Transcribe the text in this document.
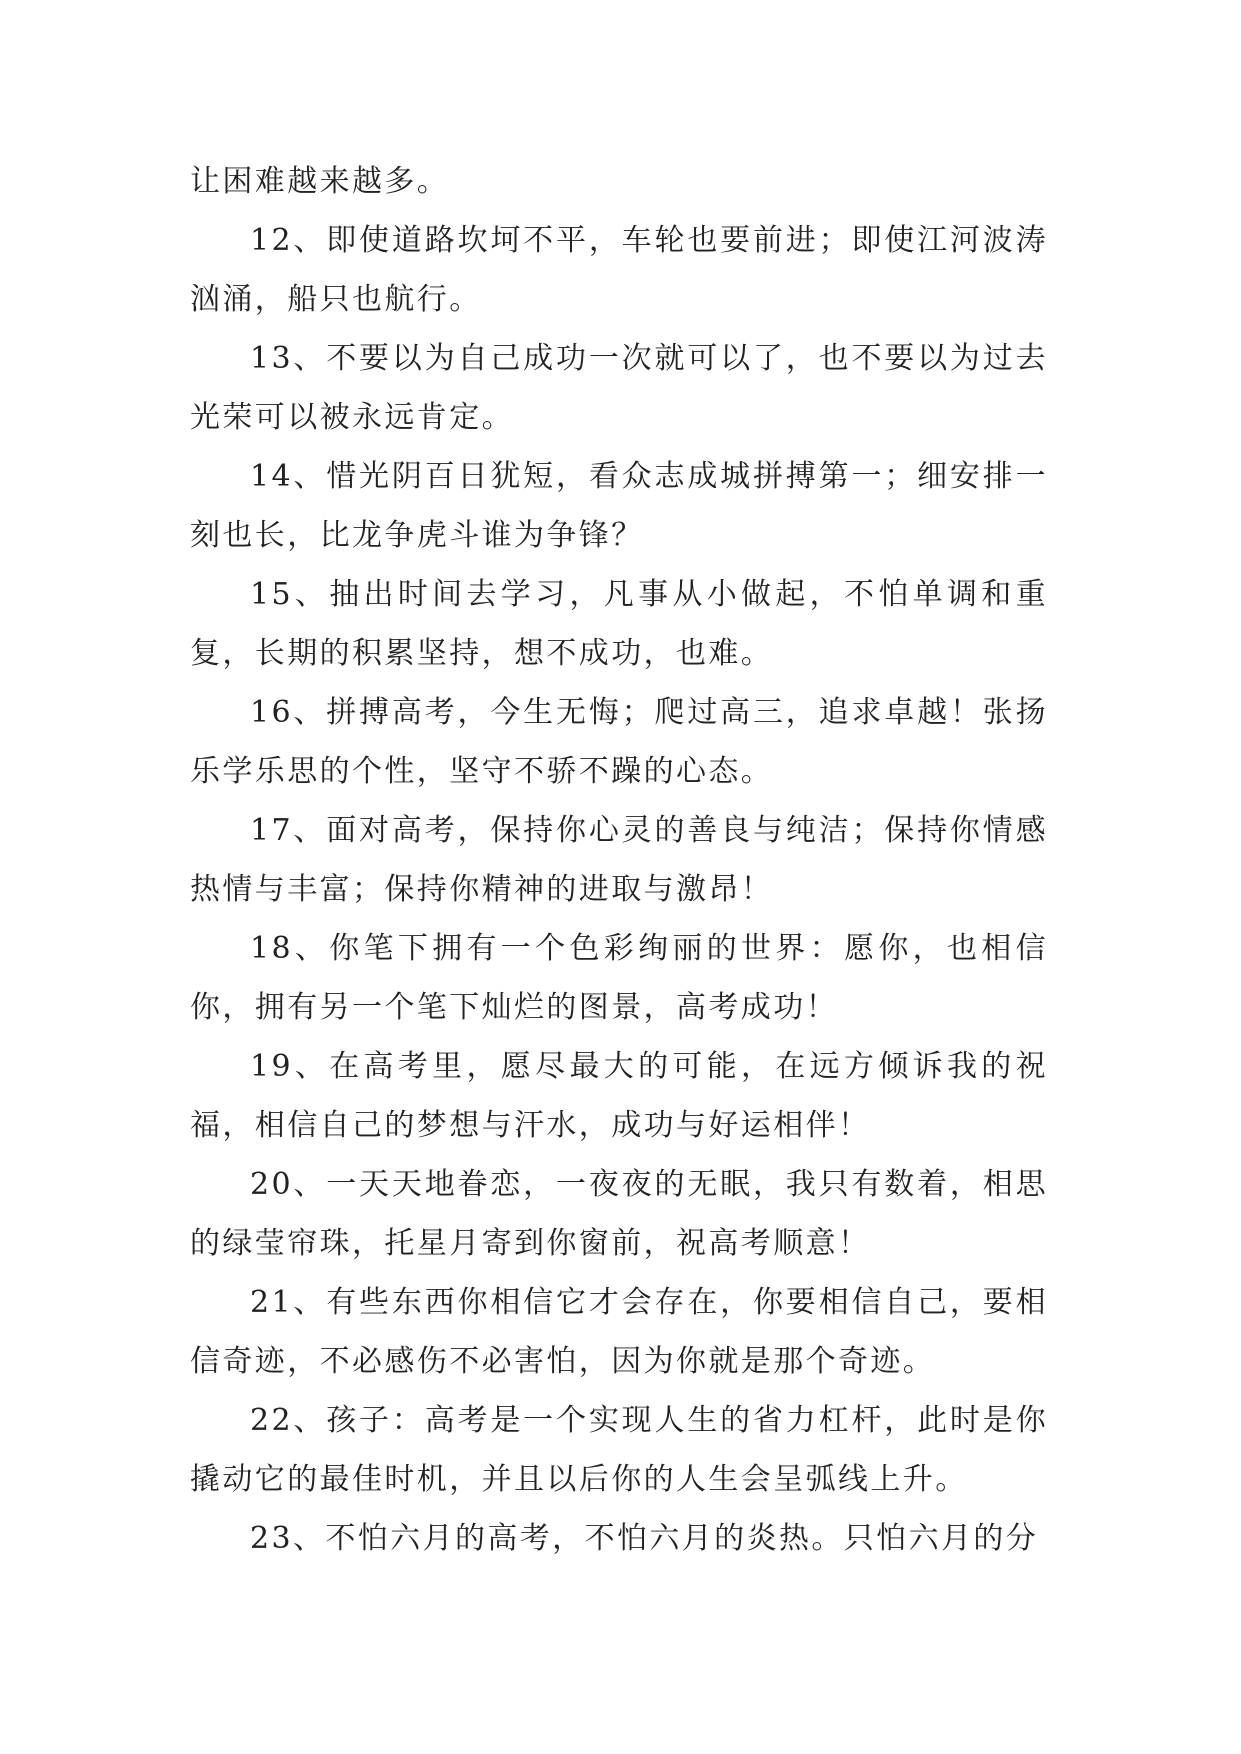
让困难越来越多。

12、即使道路坎坷不平，车轮也要前进；即使江河波涛汹涌，船只也航行。

13、不要以为自己成功一次就可以了，也不要以为过去光荣可以被永远肯定。

14、惜光阴百日犹短，看众志成城拼搏第一；细安排一刻也长，比龙争虎斗谁为争锋？

15、抽出时间去学习，凡事从小做起，不怕单调和重复，长期的积累坚持，想不成功，也难。

16、拼搏高考，今生无悔；爬过高三，追求卓越！张扬乐学乐思的个性，坚守不骄不躁的心态。

17、面对高考，保持你心灵的善良与纯洁；保持你情感热情与丰富；保持你精神的进取与激昂！

18、你笔下拥有一个色彩绚丽的世界：愿你，也相信你，拥有另一个笔下灿烂的图景，高考成功！

19、在高考里，愿尽最大的可能，在远方倾诉我的祝福，相信自己的梦想与汗水，成功与好运相伴！

20、一天天地眷恋，一夜夜的无眠，我只有数着，相思的绿莹帘珠，托星月寄到你窗前，祝高考顺意！

21、有些东西你相信它才会存在，你要相信自己，要相信奇迹，不必感伤不必害怕，因为你就是那个奇迹。

22、孩子：高考是一个实现人生的省力杠杆，此时是你撬动它的最佳时机，并且以后你的人生会呈弧线上升。

23、不怕六月的高考，不怕六月的炎热。只怕六月的分
